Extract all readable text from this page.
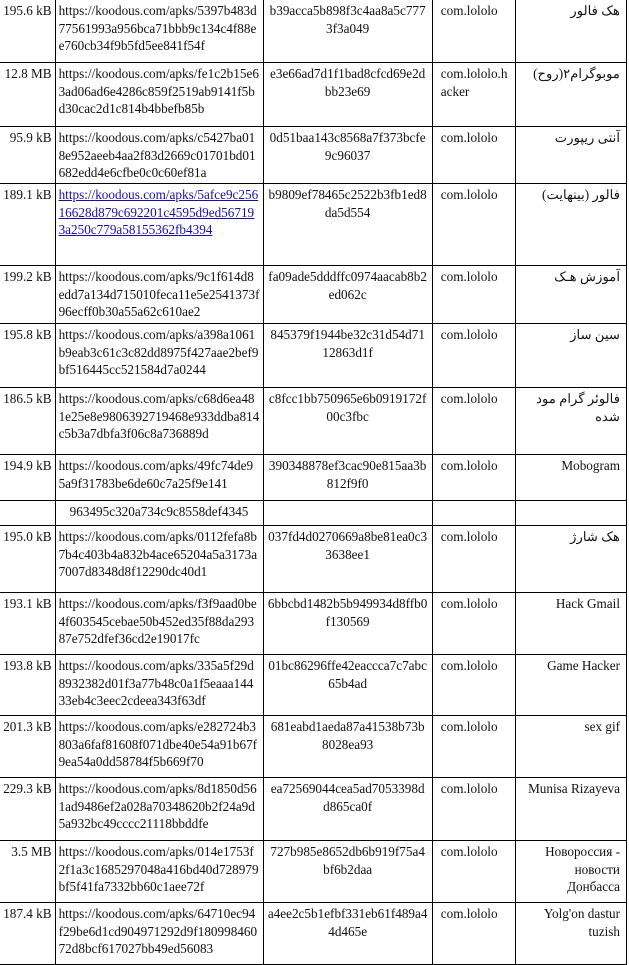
195.6 kB	https://koodous.com/apks/5397b483d77561993a956bca71bbb9c134c4f88ee760cb34f9b5fd5ee841f54f	b39acca5b898f3c4aa8a5c7773f3a049	com.lololo	هک فالور
12.8 MB	https://koodous.com/apks/fe1c2b15e63ad06ad6e4286c859f2519ab9141f5bd30cac2d1c814b4bbefb85b	e3e66ad7d1f1bad8cfcd69e2dbb23e69	com.lololo.hacker	موبوگرام۲(روح)
95.9 kB	https://koodous.com/apks/c5427ba018e952aeeb4aa2f83d2669c01701bd01682edd4e6cfbe0c0c60ef81a	0d51baa143c8568a7f373bcfe9c96037	com.lololo	آنتی ریپورت
189.1 kB	https://koodous.com/apks/5afce9c25616628d879c692201c4595d9ed567193a250c779a58155362fb4394	b9809ef78465c2522b3fb1ed8da5d554	com.lololo	فالور (بینهایت)
199.2 kB	https://koodous.com/apks/9c1f614d8edd7a134d715010feca11e5e2541373f96ecff0b30a55a62c610ae2	fa09ade5dddffc0974aacab8b2ed062c	com.lololo	آموزش هـک
195.8 kB	https://koodous.com/apks/a398a1061b9eab3c61c3c82dd8975f427aae2bef9bf516445cc521584d7a0244	845379f1944be32c31d54d7112863d1f	com.lololo	سین ساز
186.5 kB	https://koodous.com/apks/c68d6ea481e25e8e9806392719468e933ddba814c5b3a7dbfa3f06c8a736889d	c8fcc1bb750965e6b0919172f00c3fbc	com.lololo	فالوئر گرام مود شده
194.9 kB	https://koodous.com/apks/49fc74de95a9f31783be6de60c7a25f9e141	390348878ef3cac90e815aa3b812f9f0	com.lololo	Mobogram
	963495c320a734c9c8558def4345			
195.0 kB	https://koodous.com/apks/0112fefa8b7b4c403b4a832b4ace65204a5a3173a7007d8348d8f12290dc40d1	037fd4d0270669a8be81ea0c33638ee1	com.lololo	هک شارژ
193.1 kB	https://koodous.com/apks/f3f9aad0be4f603545cebae50b452ed35f88da29387e752dfef36cd2e19017fc	6bbcbd1482b5b949934d8ffb0f130569	com.lololo	Hack Gmail
193.8 kB	https://koodous.com/apks/335a5f29d8932382d01f3a77b48c0a1f5eaaa14433eb4c3eec2cdeea343f63df	01bc86296ffe42eaccca7c7abc65b4ad	com.lololo	Game Hacker
201.3 kB	https://koodous.com/apks/e282724b3803a6faf81608f071dbe40e54a91b67f9ea54a0dd58784f5b669f70	681eabd1aeda87a41538b73b8028ea93	com.lololo	sex gif
229.3 kB	https://koodous.com/apks/8d1850d561ad9486ef2a028a70348620b2f24a9d5a932bc49cccc21118bbddfe	ea72569044cea5ad7053398dd865ca0f	com.lololo	Munisa Rizayeva
3.5 MB	https://koodous.com/apks/014e1753f2f1a3c1685297048a416bd40d728979bf5f41fa7332bb60c1aee72f	727b985e8652db6b919f75a4bf6b2daa	com.lololo	Новороссия - новости Донбасса
187.4 kB	https://koodous.com/apks/64710ec94f29be6d1cd904971292d9f18099846072d8bcf617027bb49ed56083	a4ee2c5b1efbf331eb61f489a44d465e	com.lololo	Yolg'on dastur tuzish
